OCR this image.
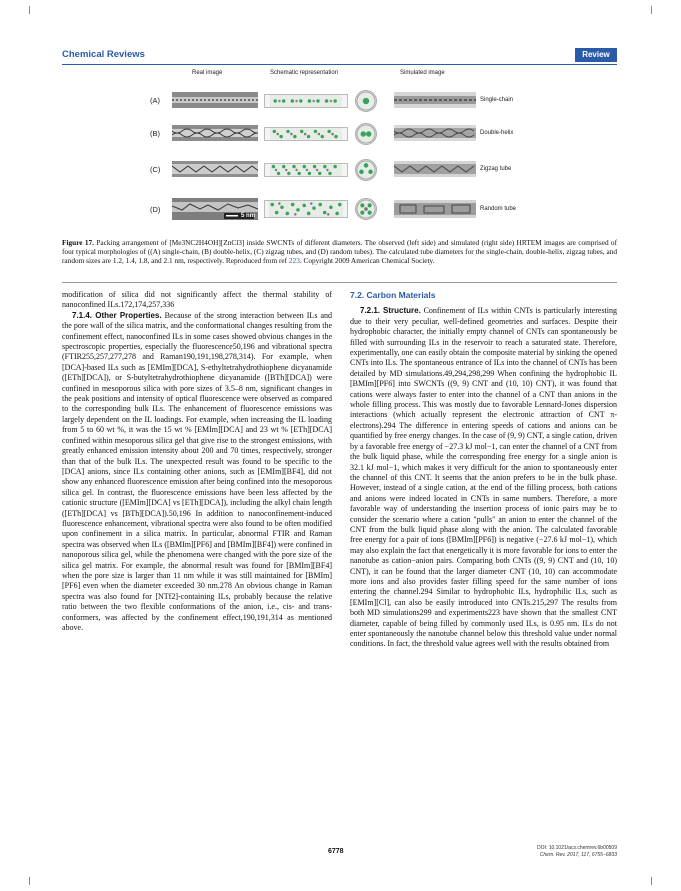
Chemical Reviews	Review
Real image	Schematic representation	Simulated image
(A)	Single-chain
(B)	Double-helix
(C)	Zigzag tube
(D)
5 nm
Random tube
Figure 17. Packing arrangement of [Me3NC2H4OH][ZnCl3] inside SWCNTs of different diameters. The observed (left side) and simulated (right side) HRTEM images are comprised of four typical morphologies of ((A) single-chain, (B) double-helix, (C) zigzag tubes, and (D) random tubes). The calculated tube diameters for the single-chain, double-helix, zigzag tubes, and random sizes are 1.2, 1.4, 1.8, and 2.1 nm, respectively. Reproduced from ref 223. Copyright 2009 American Chemical Society.

modification of silica did not significantly affect the thermal stability of nanoconfined ILs.172,174,257,336

7.1.4. Other Properties. Because of the strong interaction between ILs and the pore wall of the silica matrix, and the conformational changes resulting from the confinement effect, nanoconfined ILs in some cases showed obvious changes in the spectroscopic properties, especially the fluorescence50,196 and vibrational spectra (FTIR255,257,277,278 and Raman190,191,198,278,314). For example, when [DCA]-based ILs such as [EMIm][DCA], S-ethyltetrahydrothiophene dicyanamide ([ETh][DCA]), or S-butyltetrahydrothiophene dicyanamide ([BTh][DCA]) were confined in mesoporous silica with pore sizes of 3.5–8 nm, significant changes in the peak positions and intensity of optical fluorescence were observed as compared to the corresponding bulk ILs. The enhancement of fluorescence emissions was largely dependent on the IL loadings. For example, when increasing the IL loading from 5 to 60 wt %, it was the 15 wt % [EMIm][DCA] and 23 wt % [ETh][DCA] confined within mesoporous silica gel that give rise to the strongest emissions, with greatly enhanced emission intensity about 200 and 70 times, respectively, stronger than that of the bulk ILs. The unexpected result was found to be specific to the [DCA] anions, since ILs containing other anions, such as [EMIm][BF4], did not show any enhanced fluorescence emission after being confined into the mesoporous silica gel. In contrast, the fluorescence emissions have been less affected by the cationic structure ([EMIm][DCA] vs [ETh][DCA]), including the alkyl chain length ([ETh][DCA] vs [BTh][DCA]).50,196 In addition to nanoconfinement-induced fluorescence enhancement, vibrational spectra were also found to be often modified upon confinement in a silica matrix. In particular, abnormal FTIR and Raman spectra was observed when ILs ([BMIm][PF6] and [BMIm][BF4]) were confined in nanoporous silica gel, while the phenomena were changed with the pore size of the silica gel matrix. For example, the abnormal result was found for [BMIm][BF4] when the pore size is larger than 11 nm while it was still maintained for [BMIm][PF6] even when the diameter exceeded 30 nm.278 An obvious change in Raman spectra was also found for [NTf2]-containing ILs, probably because the relative ratio between the two flexible conformations of the anion, i.e., cis- and trans-conformers, was affected by the confinement effect,190,191,314 as mentioned above.

7.2. Carbon Materials

7.2.1. Structure. Confinement of ILs within CNTs is particularly interesting due to their very peculiar, well-defined geometries and surfaces. Despite their hydrophobic character, the initially empty channel of CNTs can spontaneously be filled with surrounding ILs in the reservoir to reach a saturated state. Therefore, experimentally, one can easily obtain the composite material by sinking the opened CNTs into ILs. The spontaneous entrance of ILs into the channel of CNTs has been detailed by MD simulations.49,294,298,299 When confining the hydrophobic IL [BMIm][PF6] into SWCNTs ((9, 9) CNT and (10, 10) CNT), it was found that cations were always faster to enter into the channel of a CNT than anions in the whole filling process. This was mostly due to favorable Lennard-Jones dispersion interactions (which actually represent the electronic attraction of CNT π-electrons).294 The difference in entering speeds of cations and anions can be quantified by free energy changes. In the case of (9, 9) CNT, a single cation, driven by a favorable free energy of −27.3 kJ mol−1, can enter the channel of a CNT from the bulk liquid phase, while the corresponding free energy for a single anion is 32.1 kJ mol−1, which makes it very difficult for the anion to spontaneously enter the channel of this CNT. It seems that the anion prefers to be in the bulk phase. However, instead of a single cation, at the end of the filling process, both cations and anions were indeed located in CNTs in same numbers. Therefore, a more favorable way of understanding the insertion process of ionic pairs may be to consider the scenario where a cation "pulls" an anion to enter the channel of the CNT from the bulk liquid phase along with the anion. The calculated favorable free energy for a pair of ions ([BMIm][PF6]) is negative (−27.6 kJ mol−1), which may also explain the fact that energetically it is more favorable for ions to enter the nanotube as cation−anion pairs. Comparing both CNTs ((9, 9) CNT and (10, 10) CNT), it can be found that the larger diameter CNT (10, 10) can accommodate more ions and also provides faster filling speed for the same number of ions entering the channel.294 Similar to hydrophobic ILs, hydrophilic ILs, such as [EMIm][Cl], can also be easily introduced into CNTs.215,297 The results from both MD simulations299 and experiments223 have shown that the smallest CNT diameter, capable of being filled by commonly used ILs, is 0.95 nm. ILs do not enter spontaneously the nanotube channel below this threshold value under normal conditions. In fact, the threshold value agrees well with the results obtained from

6778	DOI: 10.1021/acs.chemrev.6b00509
Chem. Rev. 2017, 117, 6755−6833
